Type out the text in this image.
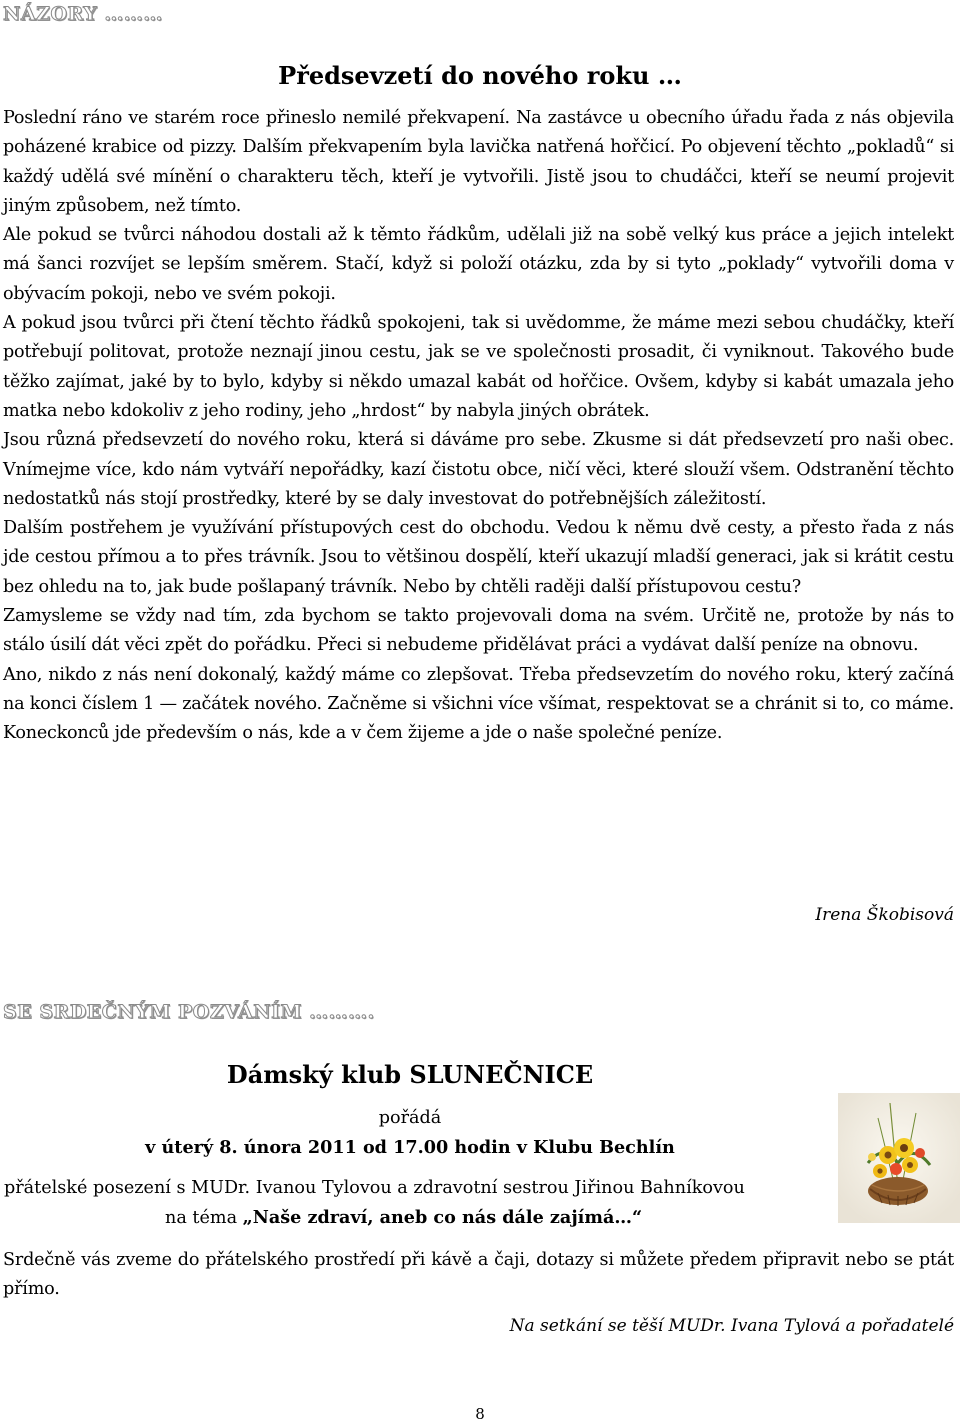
NÁZORY ………
Předsevzetí do nového roku …

Poslední ráno ve starém roce přineslo nemilé překvapení. Na zastávce u obecního úřadu řada z nás objevila poházené krabice od pizzy. Dalším překvapením byla lavička natřená hořčicí. Po objevení těchto „pokladů“ si každý udělá své mínění o charakteru těch, kteří je vytvořili. Jistě jsou to chudáčci, kteří se neumí projevit jiným způsobem, než tímto.

Ale pokud se tvůrci náhodou dostali až k těmto řádkům, udělali již na sobě velký kus práce a jejich intelekt má šanci rozvíjet se lepším směrem. Stačí, když si položí otázku, zda by si tyto „poklady“ vytvořili doma v obývacím pokoji, nebo ve svém pokoji.

A pokud jsou tvůrci při čtení těchto řádků spokojeni, tak si uvědomme, že máme mezi sebou chudáčky, kteří potřebují politovat, protože neznají jinou cestu, jak se ve společnosti prosadit, či vyniknout. Takového bude těžko zajímat, jaké by to bylo, kdyby si někdo umazal kabát od hořčice. Ovšem, kdyby si kabát umazala jeho matka nebo kdokoliv z jeho rodiny, jeho „hrdost“ by nabyla jiných obrátek.

Jsou různá předsevzetí do nového roku, která si dáváme pro sebe. Zkusme si dát předsevzetí pro naši obec. Vnímejme více, kdo nám vytváří nepořádky, kazí čistotu obce, ničí věci, které slouží všem. Odstranění těchto nedostatků nás stojí prostředky, které by se daly investovat do potřebnějších záležitostí.

Dalším postřehem je využívání přístupových cest do obchodu. Vedou k němu dvě cesty, a přesto řada z nás jde cestou přímou a to přes trávník. Jsou to většinou dospělí, kteří ukazují mladší generaci, jak si krátit cestu bez ohledu na to, jak bude pošlapaný trávník. Nebo by chtěli raději další přístupovou cestu?

Zamysleme se vždy nad tím, zda bychom se takto projevovali doma na svém. Určitě ne, protože by nás to stálo úsilí dát věci zpět do pořádku. Přeci si nebudeme přidělávat práci a vydávat další peníze na obnovu.

Ano, nikdo z nás není dokonalý, každý máme co zlepšovat. Třeba předsevzetím do nového roku, který začíná na konci číslem 1 — začátek nového. Začněme si všichni více všímat, respektovat se a chránit si to, co máme. Koneckonců jde především o nás, kde a v čem žijeme a jde o naše společné peníze.

Irena Škobisová
SE SRDEČNÝM POZVÁNÍM ……….
Dámský klub SLUNEČNICE
pořádá
v úterý 8. února 2011 od 17.00 hodin v Klubu Bechlín
přátelské posezení s MUDr. Ivanou Tylovou a zdravotní sestrou Jiřinou Bahníkovou
na téma „Naše zdraví, aneb co nás dále zajímá…“
Srdečně vás zveme do přátelského prostředí při kávě a čaji, dotazy si můžete předem připravit nebo se ptát přímo.
Na setkání se těší MUDr. Ivana Tylová a pořadatelé
8
